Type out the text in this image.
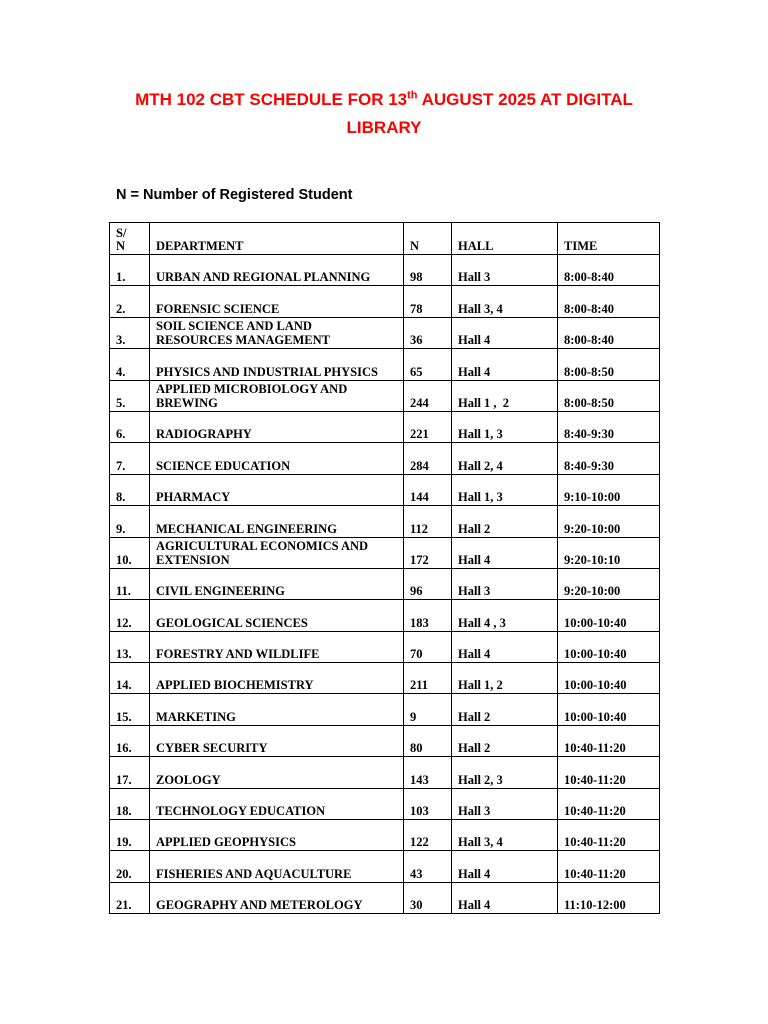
MTH 102 CBT SCHEDULE FOR 13th AUGUST 2025 AT DIGITAL
LIBRARY
N = Number of Registered Student
S/
N	DEPARTMENT	N	HALL	TIME
1.	URBAN AND REGIONAL PLANNING	98	Hall 3	8:00-8:40
2.	FORENSIC SCIENCE	78	Hall 3, 4	8:00-8:40
3.	SOIL SCIENCE AND LAND
RESOURCES MANAGEMENT	36	Hall 4	8:00-8:40
4.	PHYSICS AND INDUSTRIAL PHYSICS	65	Hall 4	8:00-8:50
5.	APPLIED MICROBIOLOGY AND
BREWING	244	Hall 1 ,  2	8:00-8:50
6.	RADIOGRAPHY	221	Hall 1, 3	8:40-9:30
7.	SCIENCE EDUCATION	284	Hall 2, 4	8:40-9:30
8.	PHARMACY	144	Hall 1, 3	9:10-10:00
9.	MECHANICAL ENGINEERING	112	Hall 2	9:20-10:00
10.	AGRICULTURAL ECONOMICS AND
EXTENSION	172	Hall 4	9:20-10:10
11.	CIVIL ENGINEERING	96	Hall 3	9:20-10:00
12.	GEOLOGICAL SCIENCES	183	Hall 4 , 3	10:00-10:40
13.	FORESTRY AND WILDLIFE	70	Hall 4	10:00-10:40
14.	APPLIED BIOCHEMISTRY	211	Hall 1, 2	10:00-10:40
15.	MARKETING	9	Hall 2	10:00-10:40
16.	CYBER SECURITY	80	Hall 2	10:40-11:20
17.	ZOOLOGY	143	Hall 2, 3	10:40-11:20
18.	TECHNOLOGY EDUCATION	103	Hall 3	10:40-11:20
19.	APPLIED GEOPHYSICS	122	Hall 3, 4	10:40-11:20
20.	FISHERIES AND AQUACULTURE	43	Hall 4	10:40-11:20
21.	GEOGRAPHY AND METEROLOGY	30	Hall 4	11:10-12:00
